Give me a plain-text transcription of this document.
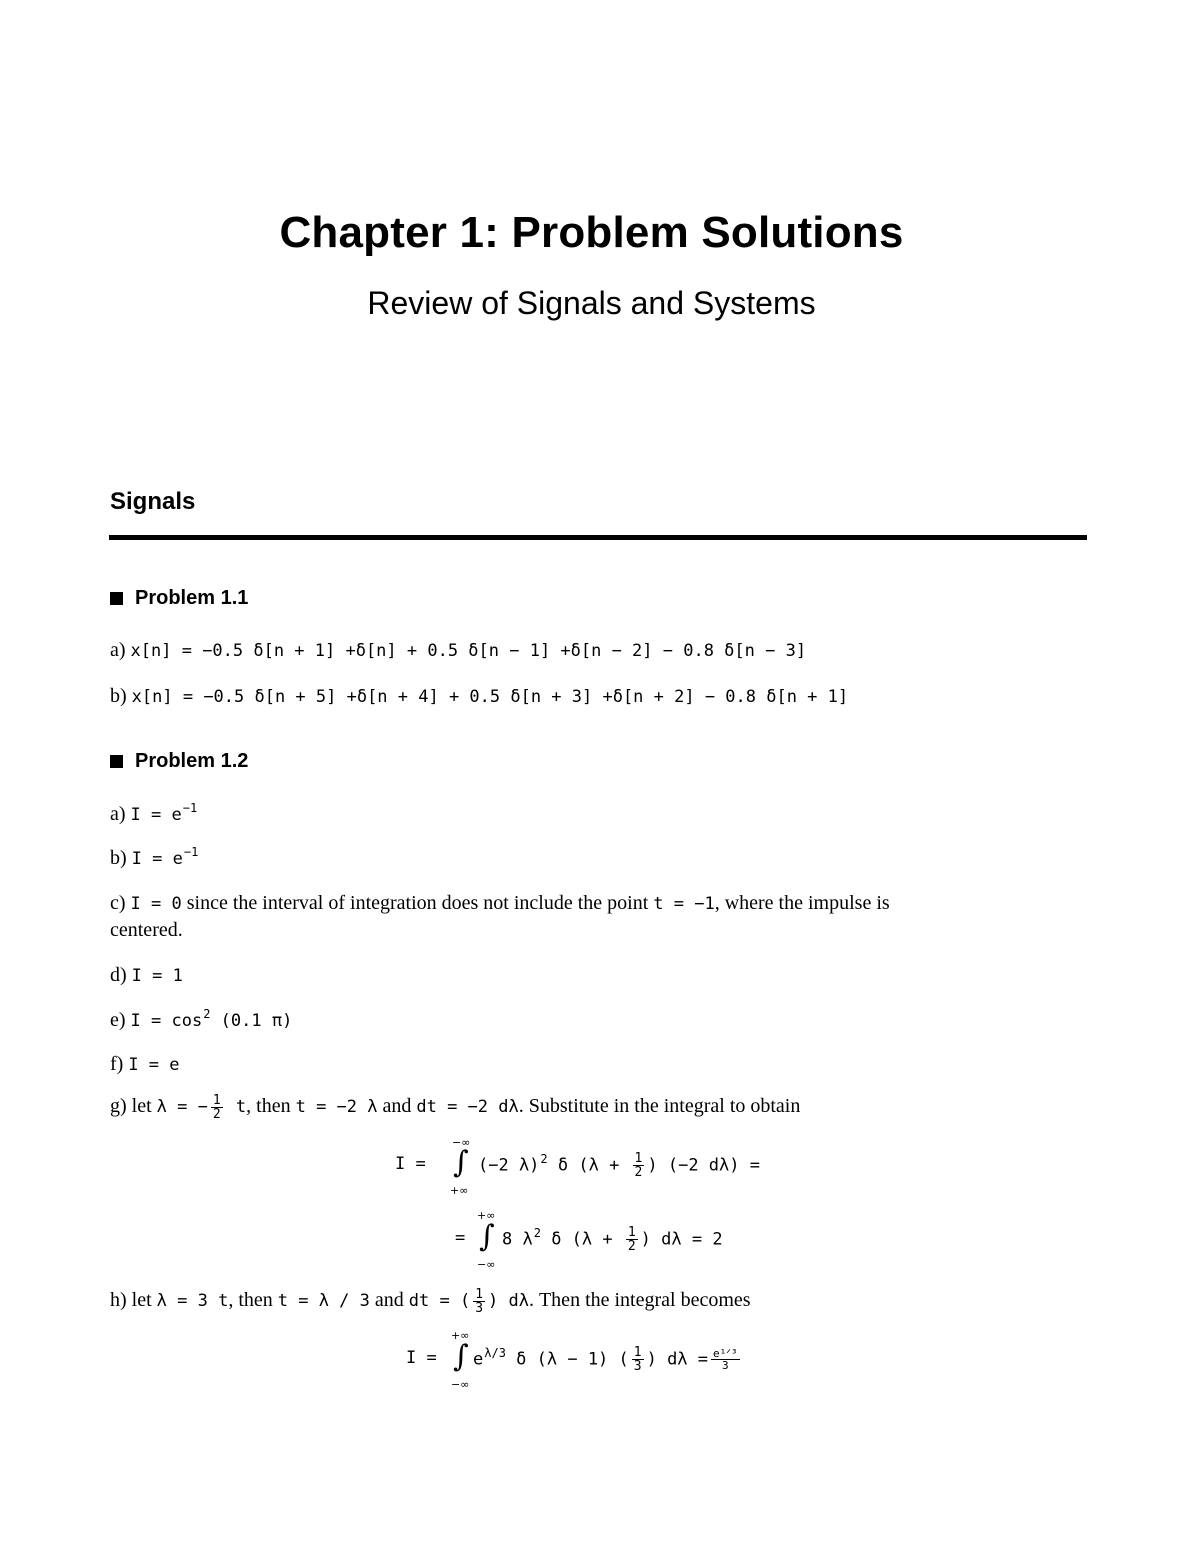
Chapter 1: Problem Solutions
Review of Signals and Systems
Signals
Problem 1.1
a) x[n] = −0.5 δ[n + 1] +δ[n] + 0.5 δ[n − 1] +δ[n − 2] − 0.8 δ[n − 3]
b) x[n] = −0.5 δ[n + 5] +δ[n + 4] + 0.5 δ[n + 3] +δ[n + 2] − 0.8 δ[n + 1]
Problem 1.2
a) $I = e^{-1}$
b) $I = e^{-1}$
c) I = 0 since the interval of integration does not include the point t = −1, where the impulse is
centered.
d) I = 1
e) $I = \cos^2 (0.1$ π)
f) I = e
g) let λ = − $\frac{1}{2} t$, then t = −2 λ and dt = −2 dλ. Substitute in the integral to obtain
I =
−∞
∫
+∞
(−2 λ)$^2$ δ ($\lambda + \frac{1}{2}$ ) (−2 dλ) =
=
+∞
∫
−∞
8 $\lambda^2$ δ ($\lambda + \frac{1}{2}$ ) dλ = 2
h) let λ = 3 t, then t = λ / 3 and dt = ( $\frac{1}{3}$ ) dλ. Then the integral becomes
I =
+∞
∫
−∞
$e^{\lambda/3}$ δ (λ − 1) ( $\frac{1}{3}$ ) $d\lambda = \frac{\text{e¹ᐟ³}}{3}$
